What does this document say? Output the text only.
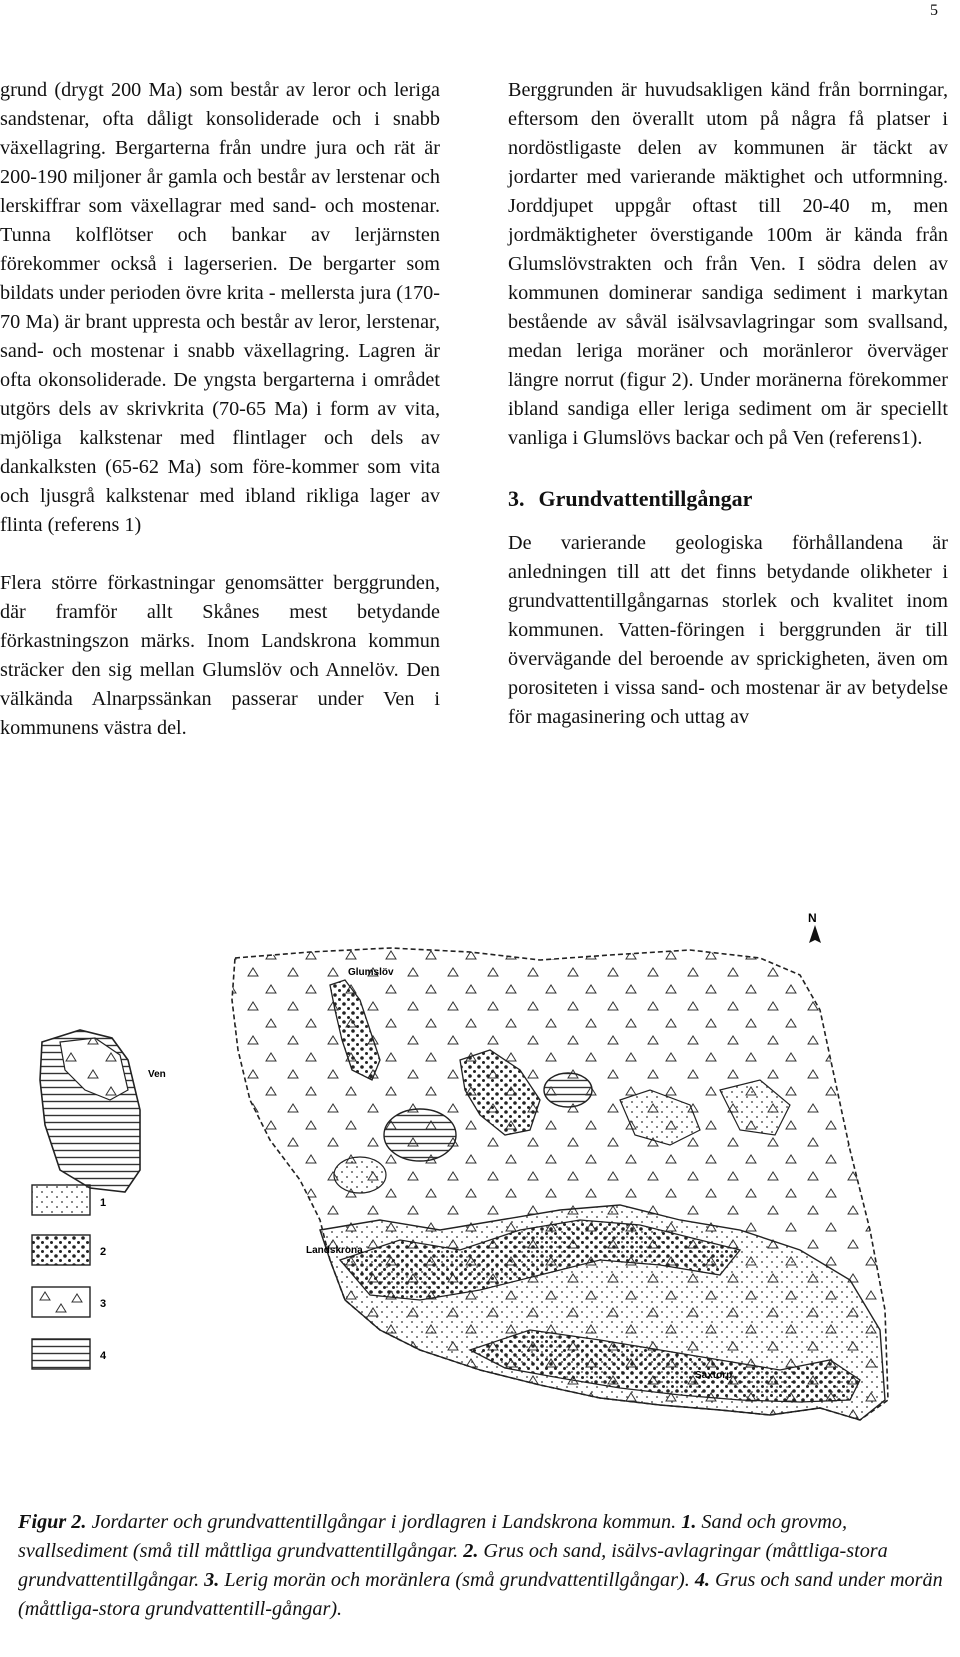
5

grund (drygt 200 Ma) som består av leror och leriga sandstenar, ofta dåligt konsoliderade och i snabb växellagring. Bergarterna från undre jura och rät är 200-190 miljoner år gamla och består av lerstenar och lerskiffrar som växellagrar med sand- och mostenar. Tunna kolflötser och bankar av lerjärnsten förekommer också i lagerserien. De bergarter som bildats under perioden övre krita - mellersta jura (170-70 Ma) är brant uppresta och består av leror, lerstenar, sand- och mostenar i snabb växellagring. Lagren är ofta okonsoliderade. De yngsta bergarterna i området utgörs dels av skrivkrita (70-65 Ma) i form av vita, mjöliga kalkstenar med flintlager och dels av dankalksten (65-62 Ma) som före-kommer som vita och ljusgrå kalkstenar med ibland rikliga lager av flinta (referens 1)

Flera större förkastningar genomsätter berggrunden, där framför allt Skånes mest betydande förkastningszon märks. Inom Landskrona kommun sträcker den sig mellan Glumslöv och Annelöv. Den välkända Alnarpssänkan passerar under Ven i kommunens västra del.

Berggrunden är huvudsakligen känd från borrningar, eftersom den överallt utom på några få platser i nordöstligaste delen av kommunen är täckt av jordarter med varierande mäktighet och utformning. Jorddjupet uppgår oftast till 20-40 m, men jordmäktigheter överstigande 100m är kända från Glumslövstrakten och från Ven. I södra delen av kommunen dominerar sandiga sediment i markytan bestående av såväl isälvsavlagringar som svallsand, medan leriga moräner och moränleror överväger längre norrut (figur 2). Under moränerna förekommer ibland sandiga eller leriga sediment om är speciellt vanliga i Glumslövs backar och på Ven (referens1).

3. Grundvattentillgångar

De varierande geologiska förhållandena är anledningen till att det finns betydande olikheter i grundvattentillgångarnas storlek och kvalitet inom kommunen. Vatten-föringen i berggrunden är till övervägande del beroende av sprickigheten, även om porositeten i vissa sand- och mostenar är av betydelse för magasinering och uttag av

Glumslöv
Ven
Landskrona
Saxtorp
N
1
2
3
4
Figur 2. Jordarter och grundvattentillgångar i jordlagren i Landskrona kommun. 1. Sand och grovmo, svallsediment (små till måttliga grundvattentillgångar. 2. Grus och sand, isälvs-avlagringar (måttliga-stora grundvattentillgångar. 3. Lerig morän och moränlera (små grundvattentillgångar). 4. Grus och sand under morän (måttliga-stora grundvattentill-gångar).
